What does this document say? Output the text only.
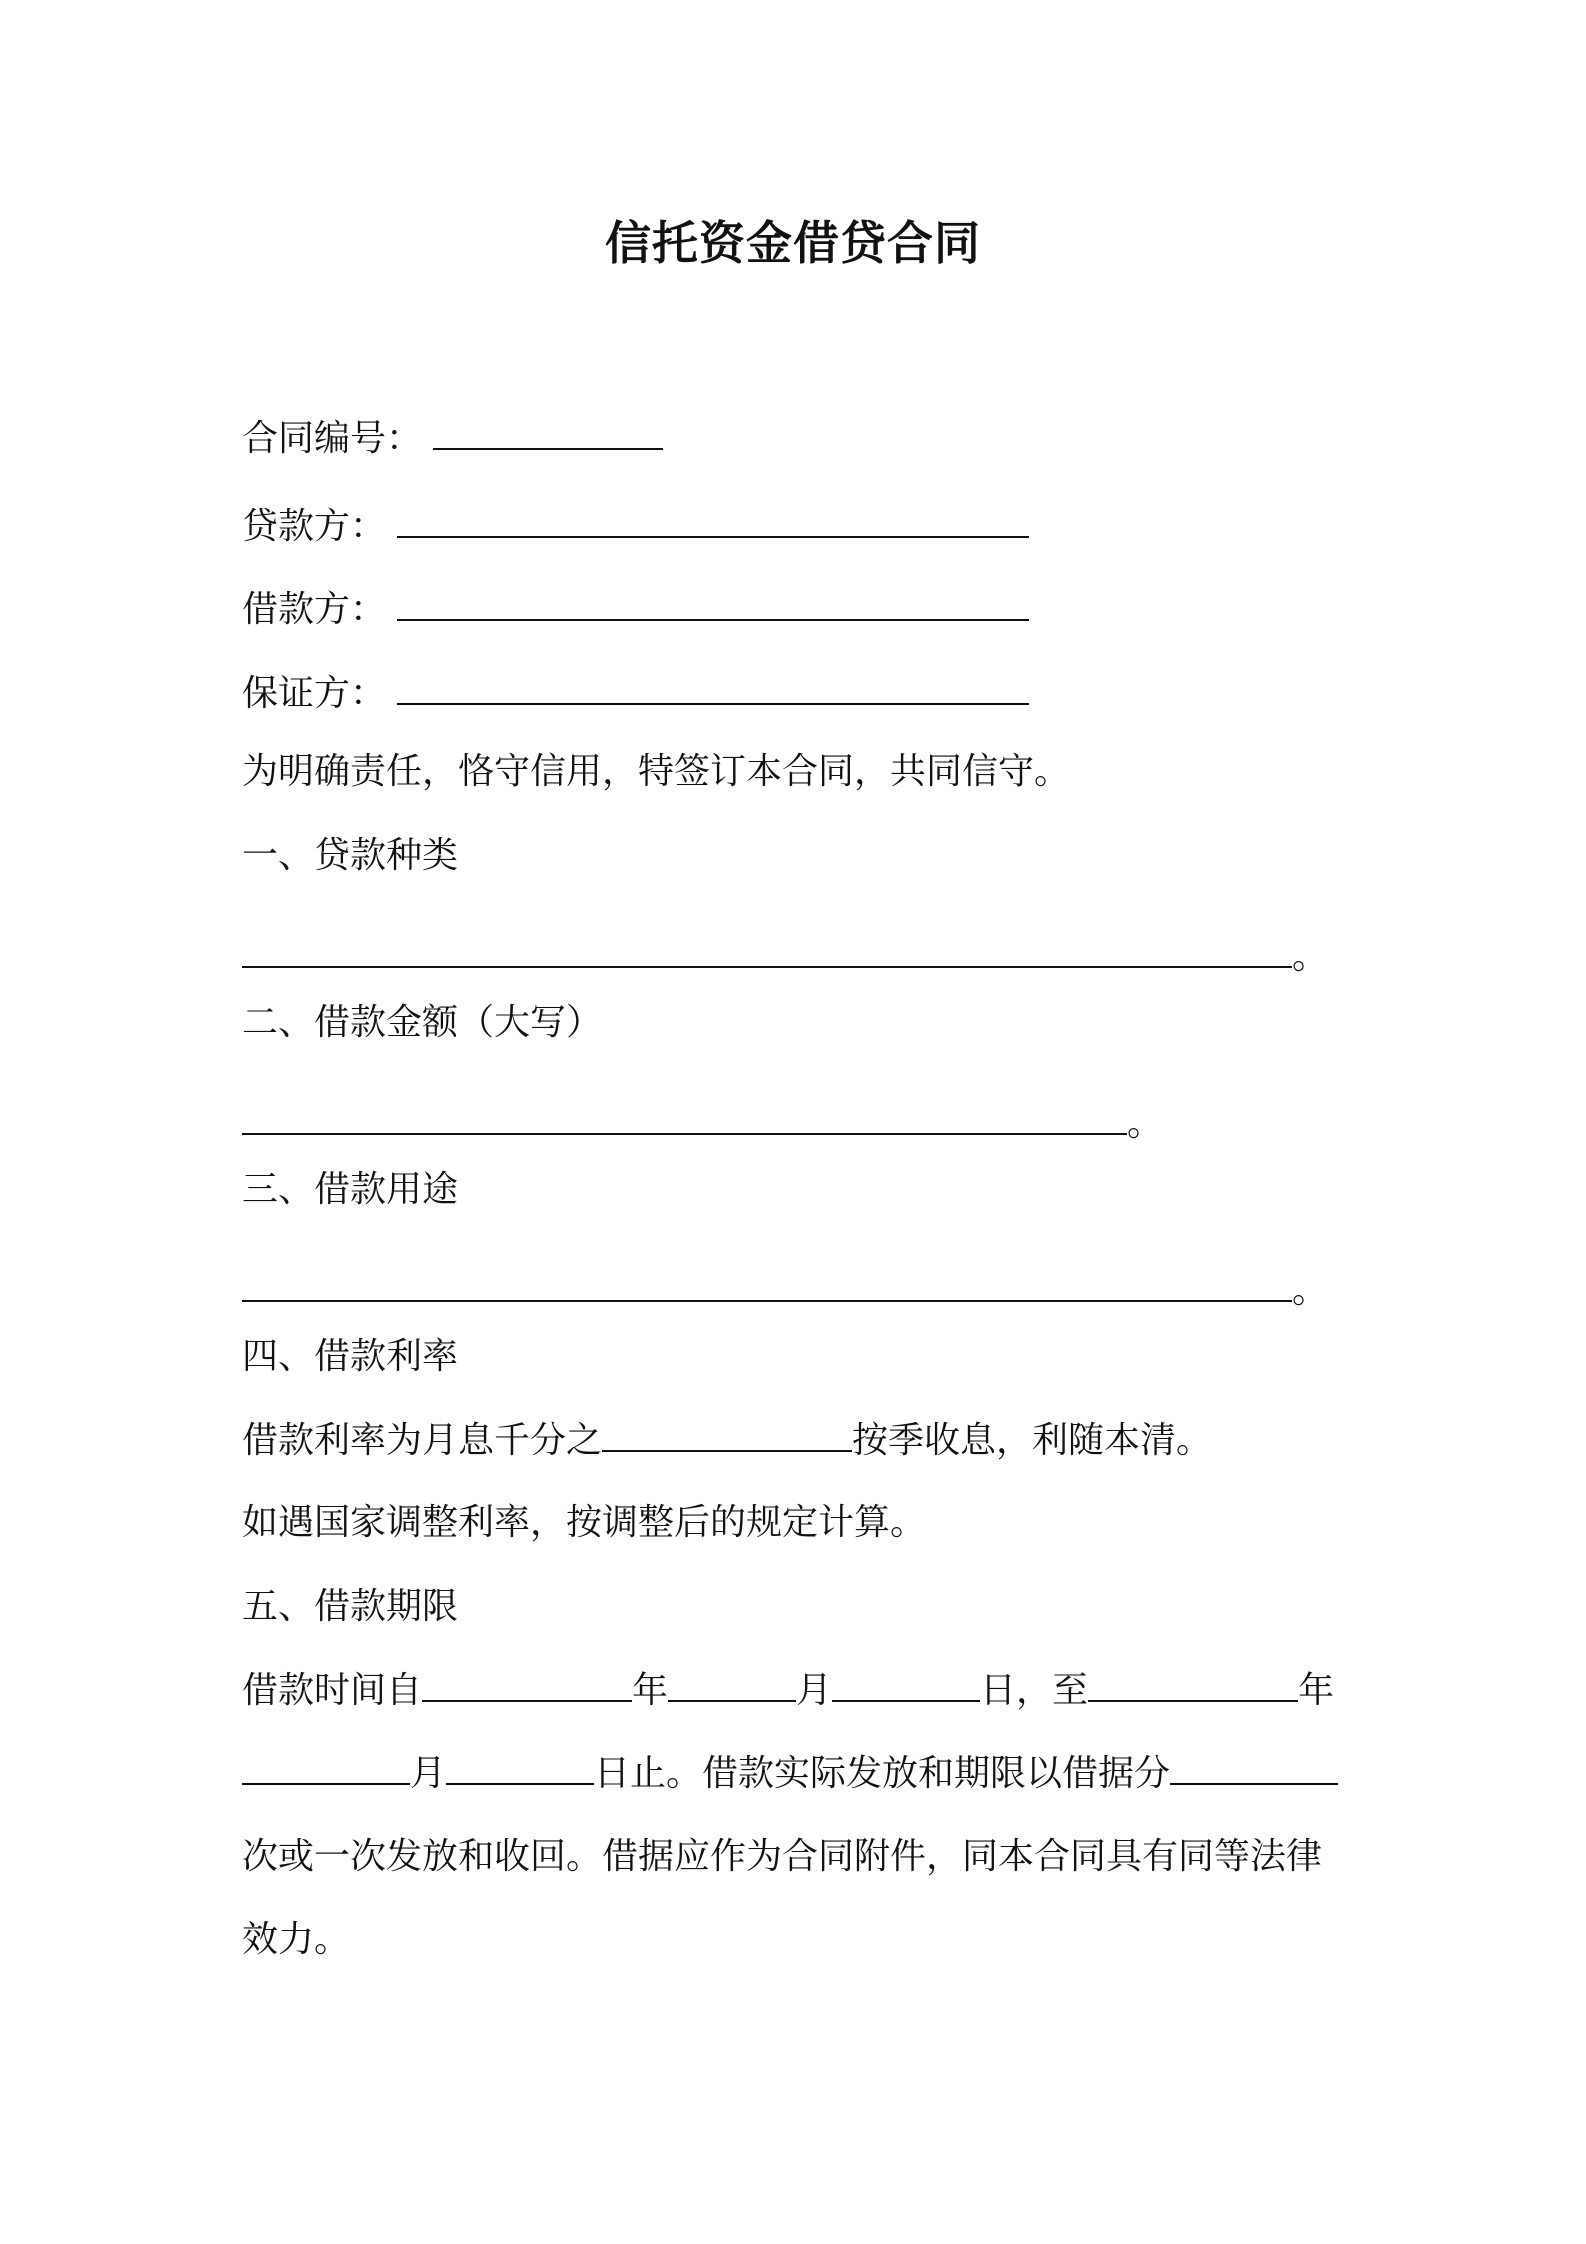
信托资金借贷合同
合同编号：
贷款方：
借款方：
保证方：
为明确责任，恪守信用，特签订本合同，共同信守。
一、贷款种类
。
二、借款金额（大写）
。
三、借款用途
。
四、借款利率
借款利率为月息千分之	按季收息，利随本清。
如遇国家调整利率，按调整后的规定计算。
五、借款期限
借款时间自	年	月	日，至	年
月	日止。借款实际发放和期限以借据分
次或一次发放和收回。借据应作为合同附件，同本合同具有同等法律
效力。
